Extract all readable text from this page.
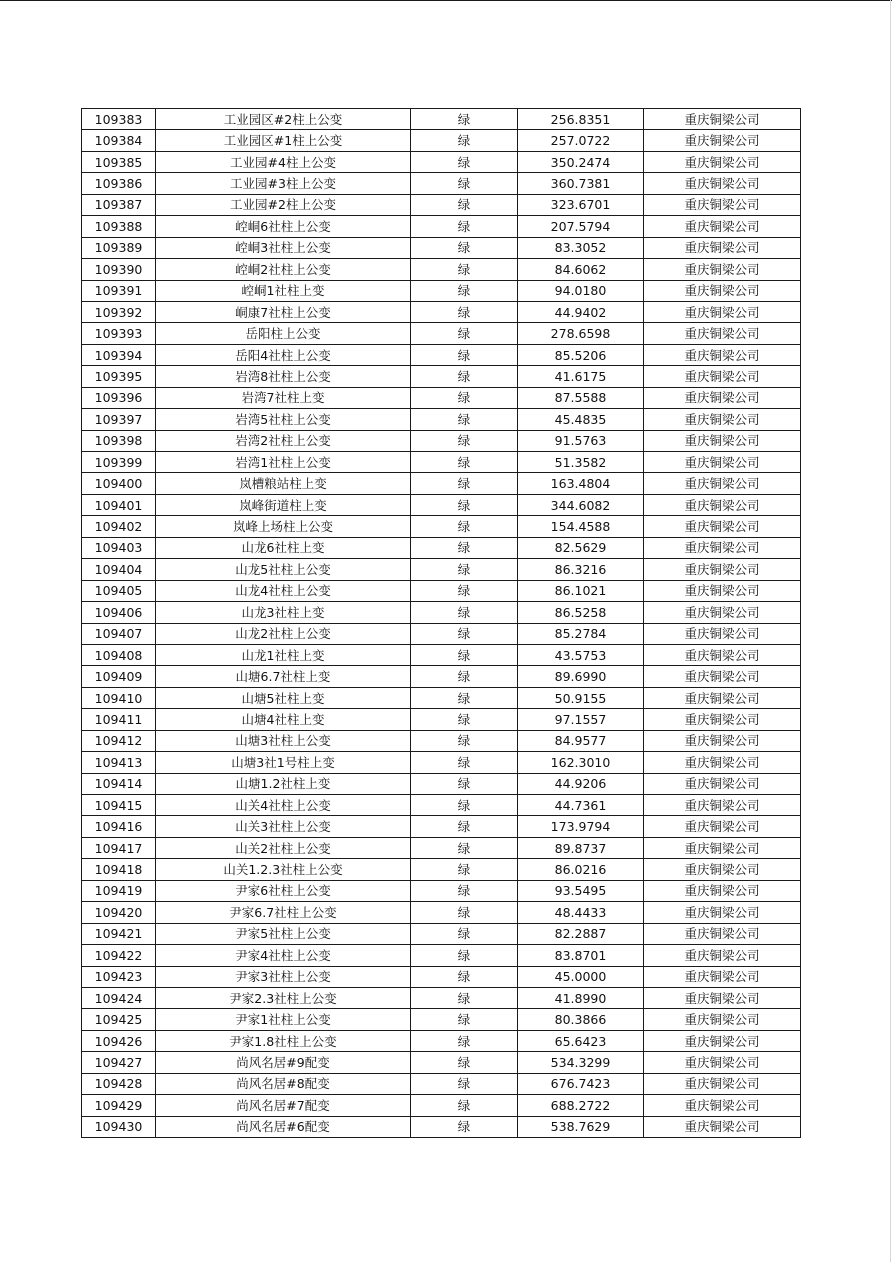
109383	工业园区#2柱上公变	绿	256.8351	重庆铜梁公司
109384	工业园区#1柱上公变	绿	257.0722	重庆铜梁公司
109385	工业园#4柱上公变	绿	350.2474	重庆铜梁公司
109386	工业园#3柱上公变	绿	360.7381	重庆铜梁公司
109387	工业园#2柱上公变	绿	323.6701	重庆铜梁公司
109388	崆峒6社柱上公变	绿	207.5794	重庆铜梁公司
109389	崆峒3社柱上公变	绿	83.3052	重庆铜梁公司
109390	崆峒2社柱上公变	绿	84.6062	重庆铜梁公司
109391	崆峒1社柱上变	绿	94.0180	重庆铜梁公司
109392	峒康7社柱上公变	绿	44.9402	重庆铜梁公司
109393	岳阳柱上公变	绿	278.6598	重庆铜梁公司
109394	岳阳4社柱上公变	绿	85.5206	重庆铜梁公司
109395	岩湾8社柱上公变	绿	41.6175	重庆铜梁公司
109396	岩湾7社柱上变	绿	87.5588	重庆铜梁公司
109397	岩湾5社柱上公变	绿	45.4835	重庆铜梁公司
109398	岩湾2社柱上公变	绿	91.5763	重庆铜梁公司
109399	岩湾1社柱上公变	绿	51.3582	重庆铜梁公司
109400	岚槽粮站柱上变	绿	163.4804	重庆铜梁公司
109401	岚峰街道柱上变	绿	344.6082	重庆铜梁公司
109402	岚峰上场柱上公变	绿	154.4588	重庆铜梁公司
109403	山龙6社柱上变	绿	82.5629	重庆铜梁公司
109404	山龙5社柱上公变	绿	86.3216	重庆铜梁公司
109405	山龙4社柱上公变	绿	86.1021	重庆铜梁公司
109406	山龙3社柱上变	绿	86.5258	重庆铜梁公司
109407	山龙2社柱上公变	绿	85.2784	重庆铜梁公司
109408	山龙1社柱上变	绿	43.5753	重庆铜梁公司
109409	山塘6.7社柱上变	绿	89.6990	重庆铜梁公司
109410	山塘5社柱上变	绿	50.9155	重庆铜梁公司
109411	山塘4社柱上变	绿	97.1557	重庆铜梁公司
109412	山塘3社柱上公变	绿	84.9577	重庆铜梁公司
109413	山塘3社1号柱上变	绿	162.3010	重庆铜梁公司
109414	山塘1.2社柱上变	绿	44.9206	重庆铜梁公司
109415	山关4社柱上公变	绿	44.7361	重庆铜梁公司
109416	山关3社柱上公变	绿	173.9794	重庆铜梁公司
109417	山关2社柱上公变	绿	89.8737	重庆铜梁公司
109418	山关1.2.3社柱上公变	绿	86.0216	重庆铜梁公司
109419	尹家6社柱上公变	绿	93.5495	重庆铜梁公司
109420	尹家6.7社柱上公变	绿	48.4433	重庆铜梁公司
109421	尹家5社柱上公变	绿	82.2887	重庆铜梁公司
109422	尹家4社柱上公变	绿	83.8701	重庆铜梁公司
109423	尹家3社柱上公变	绿	45.0000	重庆铜梁公司
109424	尹家2.3社柱上公变	绿	41.8990	重庆铜梁公司
109425	尹家1社柱上公变	绿	80.3866	重庆铜梁公司
109426	尹家1.8社柱上公变	绿	65.6423	重庆铜梁公司
109427	尚风名居#9配变	绿	534.3299	重庆铜梁公司
109428	尚风名居#8配变	绿	676.7423	重庆铜梁公司
109429	尚风名居#7配变	绿	688.2722	重庆铜梁公司
109430	尚风名居#6配变	绿	538.7629	重庆铜梁公司
